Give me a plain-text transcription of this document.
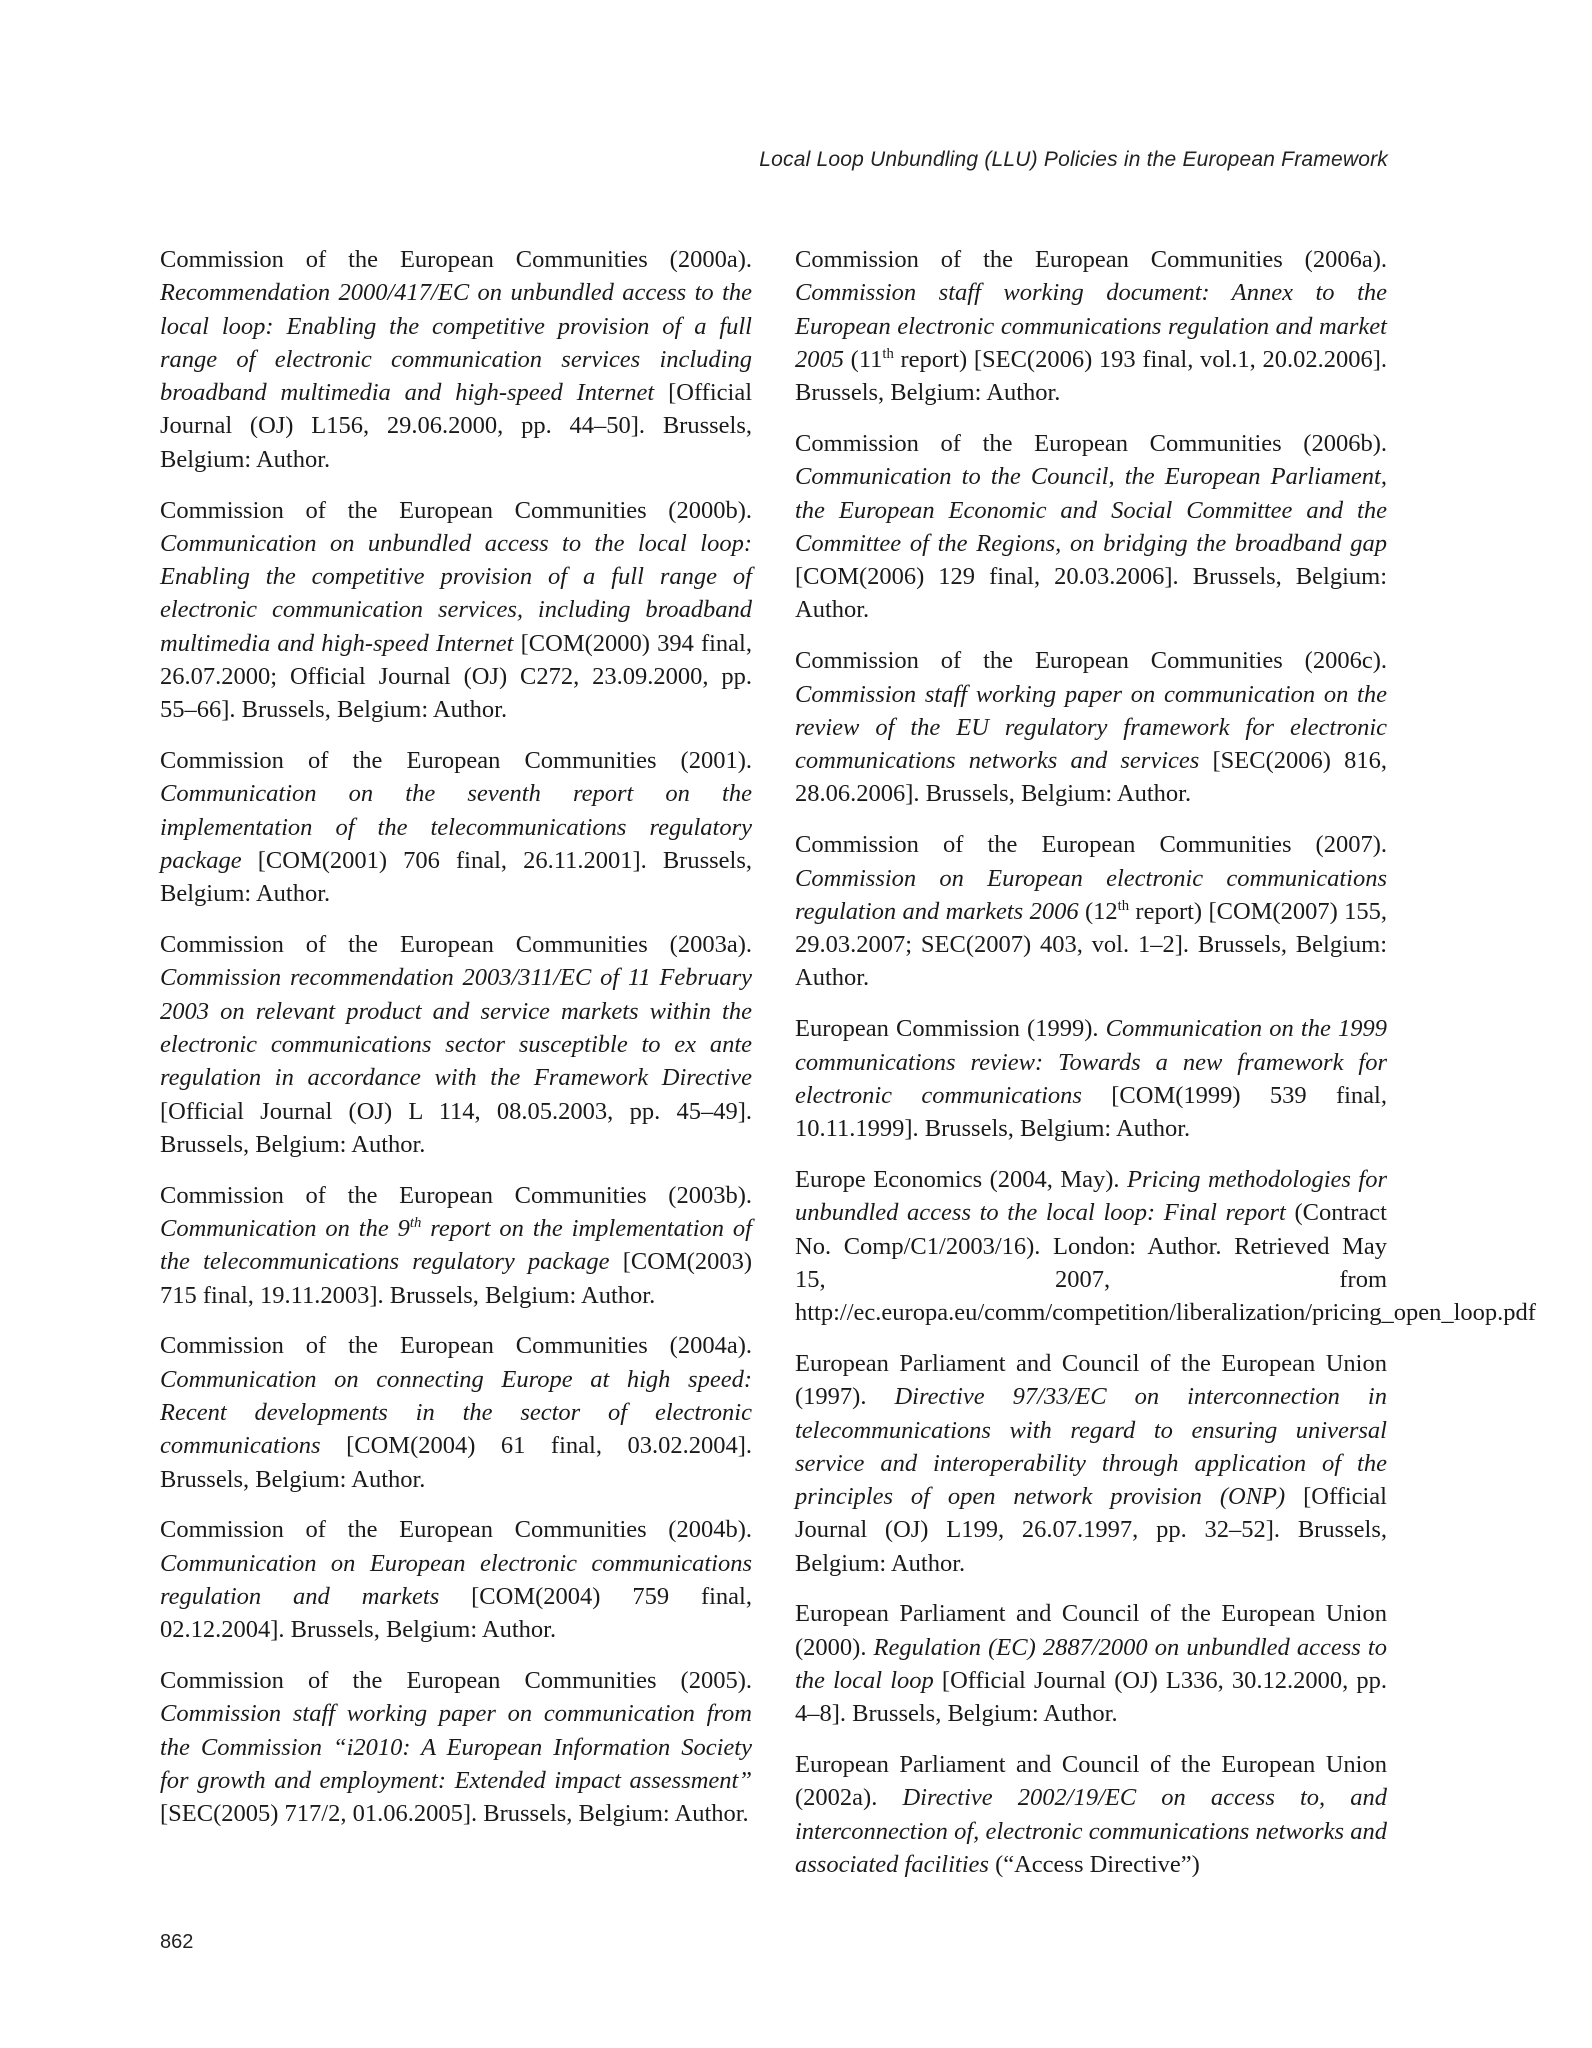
Local Loop Unbundling (LLU) Policies in the European Framework

Commission of the European Communities (2000a). Recommendation 2000/417/EC on unbundled access to the local loop: Enabling the competitive provision of a full range of electronic communication services including broadband multimedia and high-speed Internet [Official Journal (OJ) L156, 29.06.2000, pp. 44–50]. Brussels, Belgium: Author.

Commission of the European Communities (2000b). Communication on unbundled access to the local loop: Enabling the competitive provision of a full range of electronic communication services, including broadband multimedia and high-speed Internet [COM(2000) 394 final, 26.07.2000; Official Journal (OJ) C272, 23.09.2000, pp. 55–66]. Brussels, Belgium: Author.

Commission of the European Communities (2001). Communication on the seventh report on the implementation of the telecommunications regulatory package [COM(2001) 706 final, 26.11.2001]. Brussels, Belgium: Author.

Commission of the European Communities (2003a). Commission recommendation 2003/311/EC of 11 February 2003 on relevant product and service markets within the electronic communications sector susceptible to ex ante regulation in accordance with the Framework Directive [Official Journal (OJ) L 114, 08.05.2003, pp. 45–49]. Brussels, Belgium: Author.

Commission of the European Communities (2003b). Communication on the 9th report on the implementation of the telecommunications regulatory package [COM(2003) 715 final, 19.11.2003]. Brussels, Belgium: Author.

Commission of the European Communities (2004a). Communication on connecting Europe at high speed: Recent developments in the sector of electronic communications [COM(2004) 61 final, 03.02.2004]. Brussels, Belgium: Author.

Commission of the European Communities (2004b). Communication on European electronic communications regulation and markets [COM(2004) 759 final, 02.12.2004]. Brussels, Belgium: Author.

Commission of the European Communities (2005). Commission staff working paper on communication from the Commission “i2010: A European Information Society for growth and employment: Extended impact assessment” [SEC(2005) 717/2, 01.06.2005]. Brussels, Belgium: Author.

Commission of the European Communities (2006a). Commission staff working document: Annex to the European electronic communications regulation and market 2005 (11th report) [SEC(2006) 193 final, vol.1, 20.02.2006]. Brussels, Belgium: Author.

Commission of the European Communities (2006b). Communication to the Council, the European Parliament, the European Economic and Social Committee and the Committee of the Regions, on bridging the broadband gap [COM(2006) 129 final, 20.03.2006]. Brussels, Belgium: Author.

Commission of the European Communities (2006c). Commission staff working paper on communication on the review of the EU regulatory framework for electronic communications networks and services [SEC(2006) 816, 28.06.2006]. Brussels, Belgium: Author.

Commission of the European Communities (2007). Commission on European electronic communications regulation and markets 2006 (12th report) [COM(2007) 155, 29.03.2007; SEC(2007) 403, vol. 1–2]. Brussels, Belgium: Author.

European Commission (1999). Communication on the 1999 communications review: Towards a new framework for electronic communications [COM(1999) 539 final, 10.11.1999]. Brussels, Belgium: Author.

Europe Economics (2004, May). Pricing methodologies for unbundled access to the local loop: Final report (Contract No. Comp/C1/2003/16). London: Author. Retrieved May 15, 2007, from http://ec.europa.eu/comm/competition/liberalization/pricing_open_loop.pdf

European Parliament and Council of the European Union (1997). Directive 97/33/EC on interconnection in telecommunications with regard to ensuring universal service and interoperability through application of the principles of open network provision (ONP) [Official Journal (OJ) L199, 26.07.1997, pp. 32–52]. Brussels, Belgium: Author.

European Parliament and Council of the European Union (2000). Regulation (EC) 2887/2000 on unbundled access to the local loop [Official Journal (OJ) L336, 30.12.2000, pp. 4–8]. Brussels, Belgium: Author.

European Parliament and Council of the European Union (2002a). Directive 2002/19/EC on access to, and interconnection of, electronic communications networks and associated facilities (“Access Directive”)

862
